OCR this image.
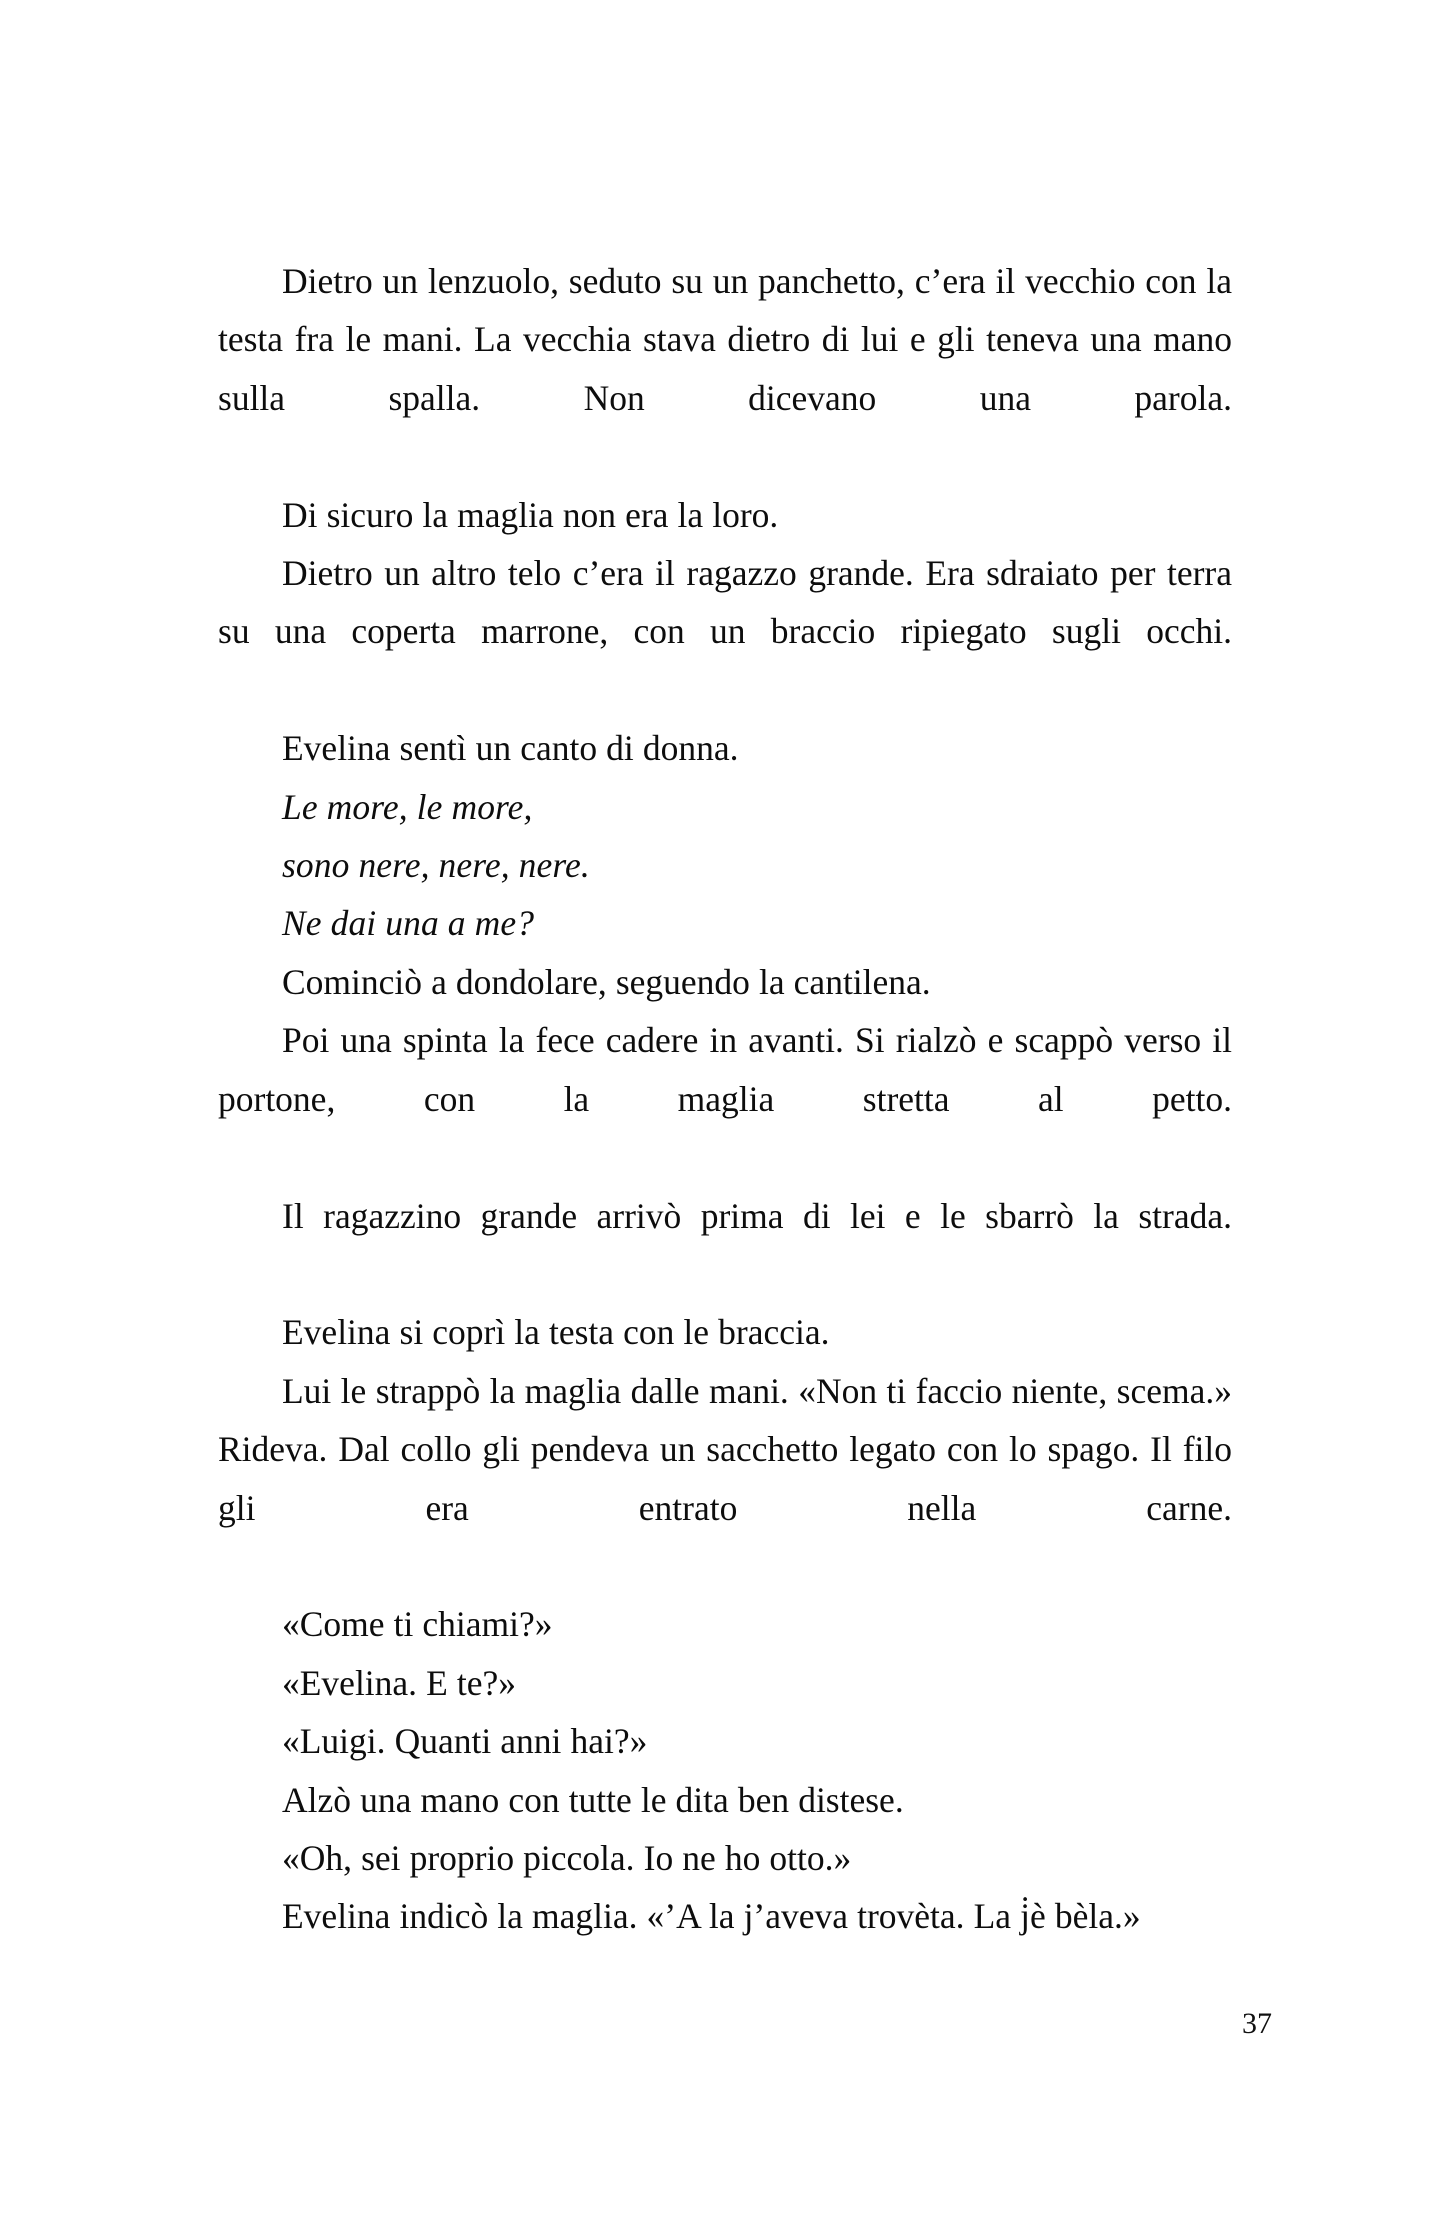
Dietro un lenzuolo, seduto su un panchetto, c’era il vecchio con la testa fra le mani. La vecchia stava dietro di lui e gli teneva una mano sulla spalla. Non dicevano una parola.

Di sicuro la maglia non era la loro.

Dietro un altro telo c’era il ragazzo grande. Era sdraiato per terra su una coperta marrone, con un braccio ripiegato sugli occhi.

Evelina sentì un canto di donna.

Le more, le more,

sono nere, nere, nere.

Ne dai una a me?

Cominciò a dondolare, seguendo la cantilena.

Poi una spinta la fece cadere in avanti. Si rialzò e scappò verso il portone, con la maglia stretta al petto.

Il ragazzino grande arrivò prima di lei e le sbarrò la strada.

Evelina si coprì la testa con le braccia.

Lui le strappò la maglia dalle mani. «Non ti faccio niente, scema.» Rideva. Dal collo gli pendeva un sacchetto legato con lo spago. Il filo gli era entrato nella carne.

«Come ti chiami?»

«Evelina. E te?»

«Luigi. Quanti anni hai?»

Alzò una mano con tutte le dita ben distese.

«Oh, sei proprio piccola. Io ne ho otto.»

Evelina indicò la maglia. «’A la j’aveva trovèta. La j̇è bèla.»

37
